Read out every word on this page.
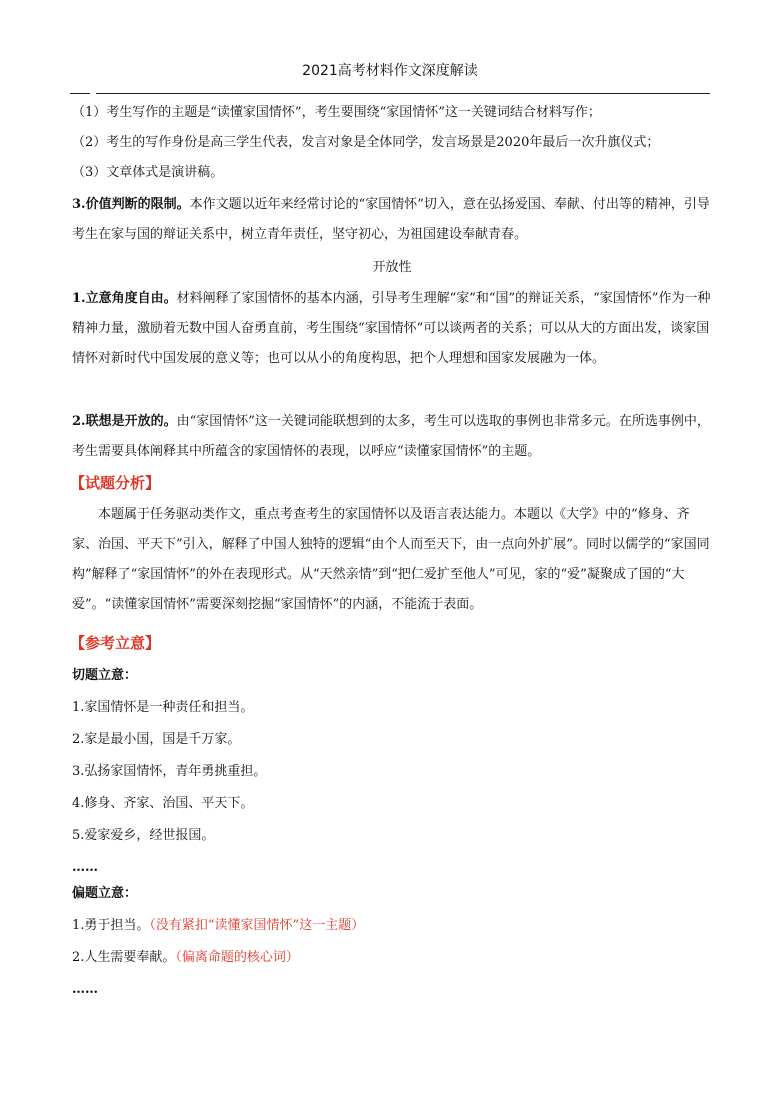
2021高考材料作文深度解读

（1）考生写作的主题是“读懂家国情怀”，考生要围绕“家国情怀”这一关键词结合材料写作；

（2）考生的写作身份是高三学生代表，发言对象是全体同学，发言场景是2020年最后一次升旗仪式；

（3）文章体式是演讲稿。

3.价值判断的限制。本作文题以近年来经常讨论的“家国情怀”切入，意在弘扬爱国、奉献、付出等的精神，引导考生在家与国的辩证关系中，树立青年责任，坚守初心，为祖国建设奉献青春。

开放性

1.立意角度自由。材料阐释了家国情怀的基本内涵，引导考生理解“家”和“国”的辩证关系，“家国情怀”作为一种精神力量，激励着无数中国人奋勇直前，考生围绕“家国情怀”可以谈两者的关系；可以从大的方面出发，谈家国情怀对新时代中国发展的意义等；也可以从小的角度构思，把个人理想和国家发展融为一体。

2.联想是开放的。由“家国情怀”这一关键词能联想到的太多，考生可以选取的事例也非常多元。在所选事例中，考生需要具体阐释其中所蕴含的家国情怀的表现，以呼应“读懂家国情怀”的主题。

【试题分析】

本题属于任务驱动类作文，重点考查考生的家国情怀以及语言表达能力。本题以《大学》中的“修身、齐家、治国、平天下”引入，解释了中国人独特的逻辑“由个人而至天下，由一点向外扩展”。同时以儒学的“家国同构”解释了“家国情怀”的外在表现形式。从“天然亲情”到“把仁爱扩至他人”可见，家的“爱”凝聚成了国的“大爱”。“读懂家国情怀”需要深刻挖掘“家国情怀”的内涵，不能流于表面。

【参考立意】

切题立意：

1.家国情怀是一种责任和担当。

2.家是最小国，国是千万家。

3.弘扬家国情怀，青年勇挑重担。

4.修身、齐家、治国、平天下。

5.爱家爱乡，经世报国。

……

偏题立意：

1.勇于担当。（没有紧扣“读懂家国情怀”这一主题）

2.人生需要奉献。（偏离命题的核心词）

……
